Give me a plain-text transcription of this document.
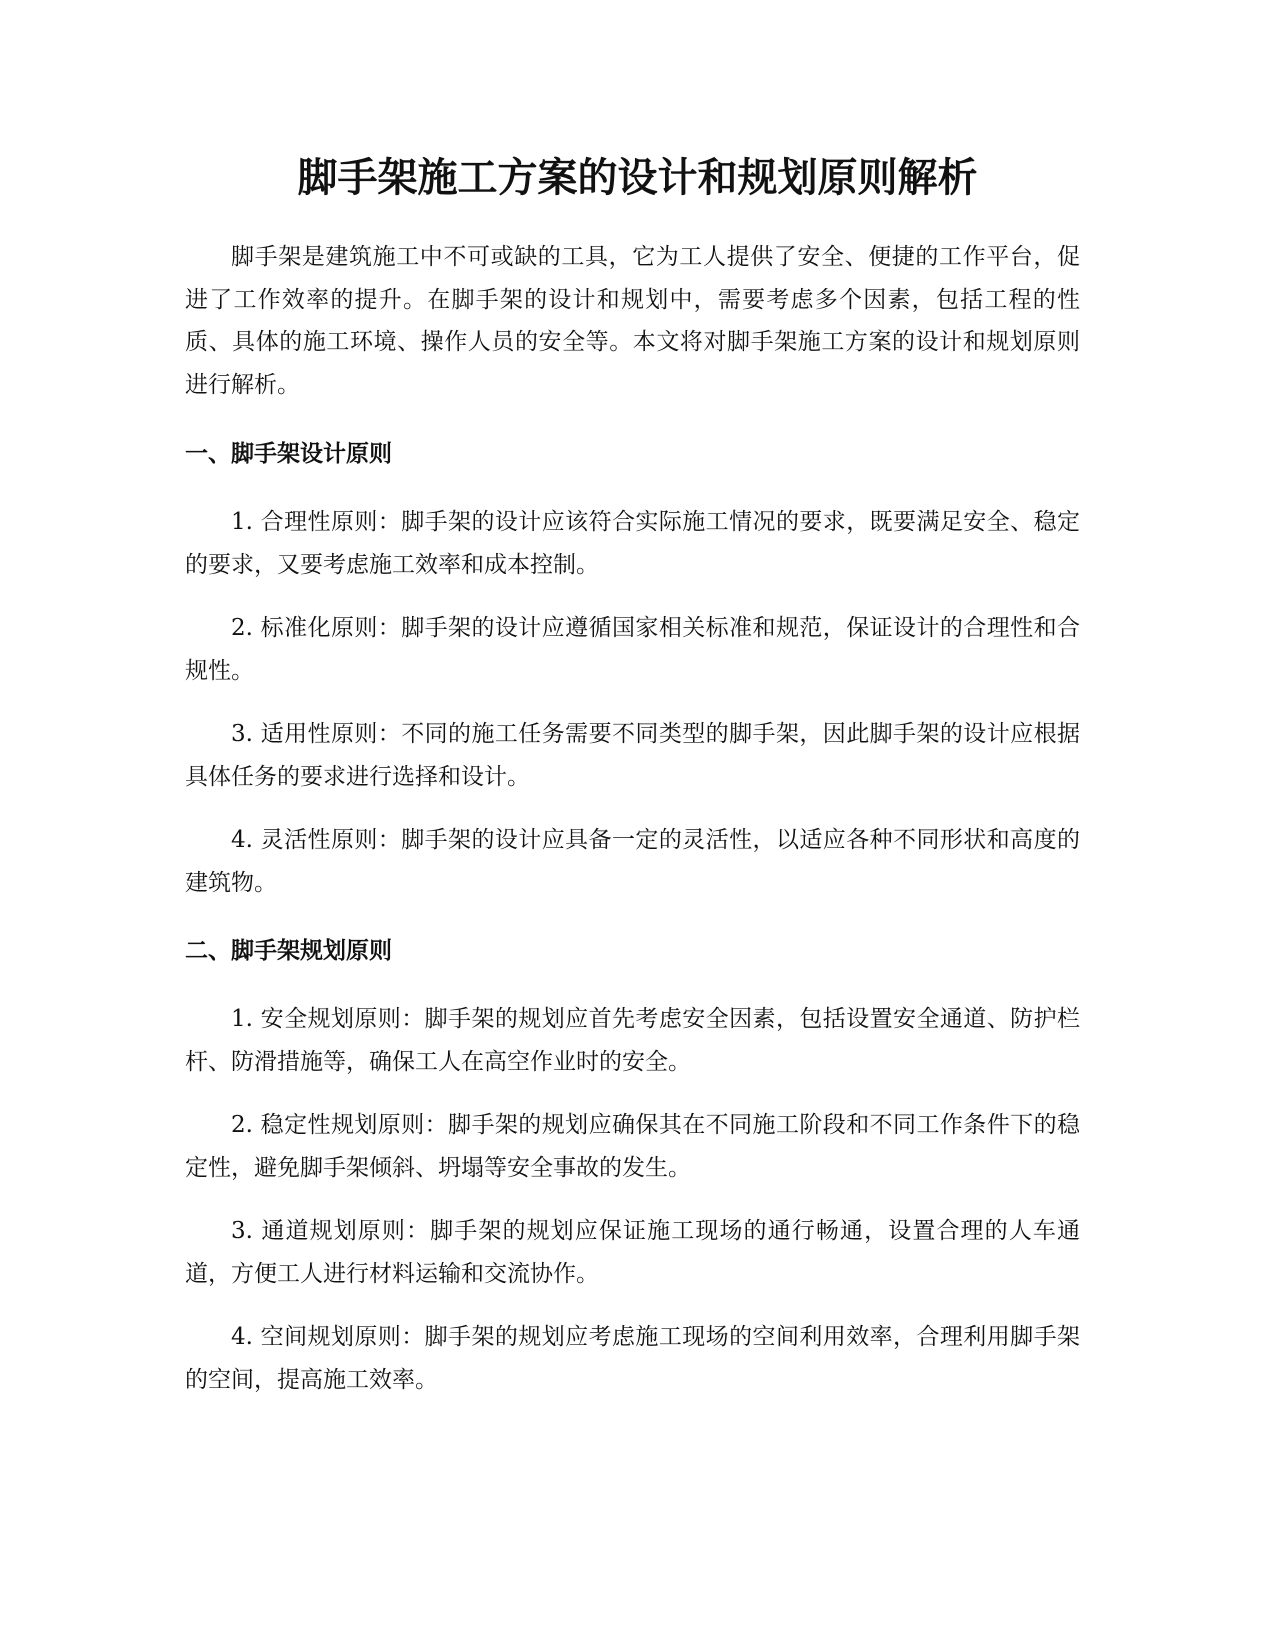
脚手架施工方案的设计和规划原则解析

脚手架是建筑施工中不可或缺的工具，它为工人提供了安全、便捷的工作平台，促进了工作效率的提升。在脚手架的设计和规划中，需要考虑多个因素，包括工程的性质、具体的施工环境、操作人员的安全等。本文将对脚手架施工方案的设计和规划原则进行解析。

一、脚手架设计原则

1. 合理性原则：脚手架的设计应该符合实际施工情况的要求，既要满足安全、稳定的要求，又要考虑施工效率和成本控制。

2. 标准化原则：脚手架的设计应遵循国家相关标准和规范，保证设计的合理性和合规性。

3. 适用性原则：不同的施工任务需要不同类型的脚手架，因此脚手架的设计应根据具体任务的要求进行选择和设计。

4. 灵活性原则：脚手架的设计应具备一定的灵活性，以适应各种不同形状和高度的建筑物。

二、脚手架规划原则

1. 安全规划原则：脚手架的规划应首先考虑安全因素，包括设置安全通道、防护栏杆、防滑措施等，确保工人在高空作业时的安全。

2. 稳定性规划原则：脚手架的规划应确保其在不同施工阶段和不同工作条件下的稳定性，避免脚手架倾斜、坍塌等安全事故的发生。

3. 通道规划原则：脚手架的规划应保证施工现场的通行畅通，设置合理的人车通道，方便工人进行材料运输和交流协作。

4. 空间规划原则：脚手架的规划应考虑施工现场的空间利用效率，合理利用脚手架的空间，提高施工效率。
